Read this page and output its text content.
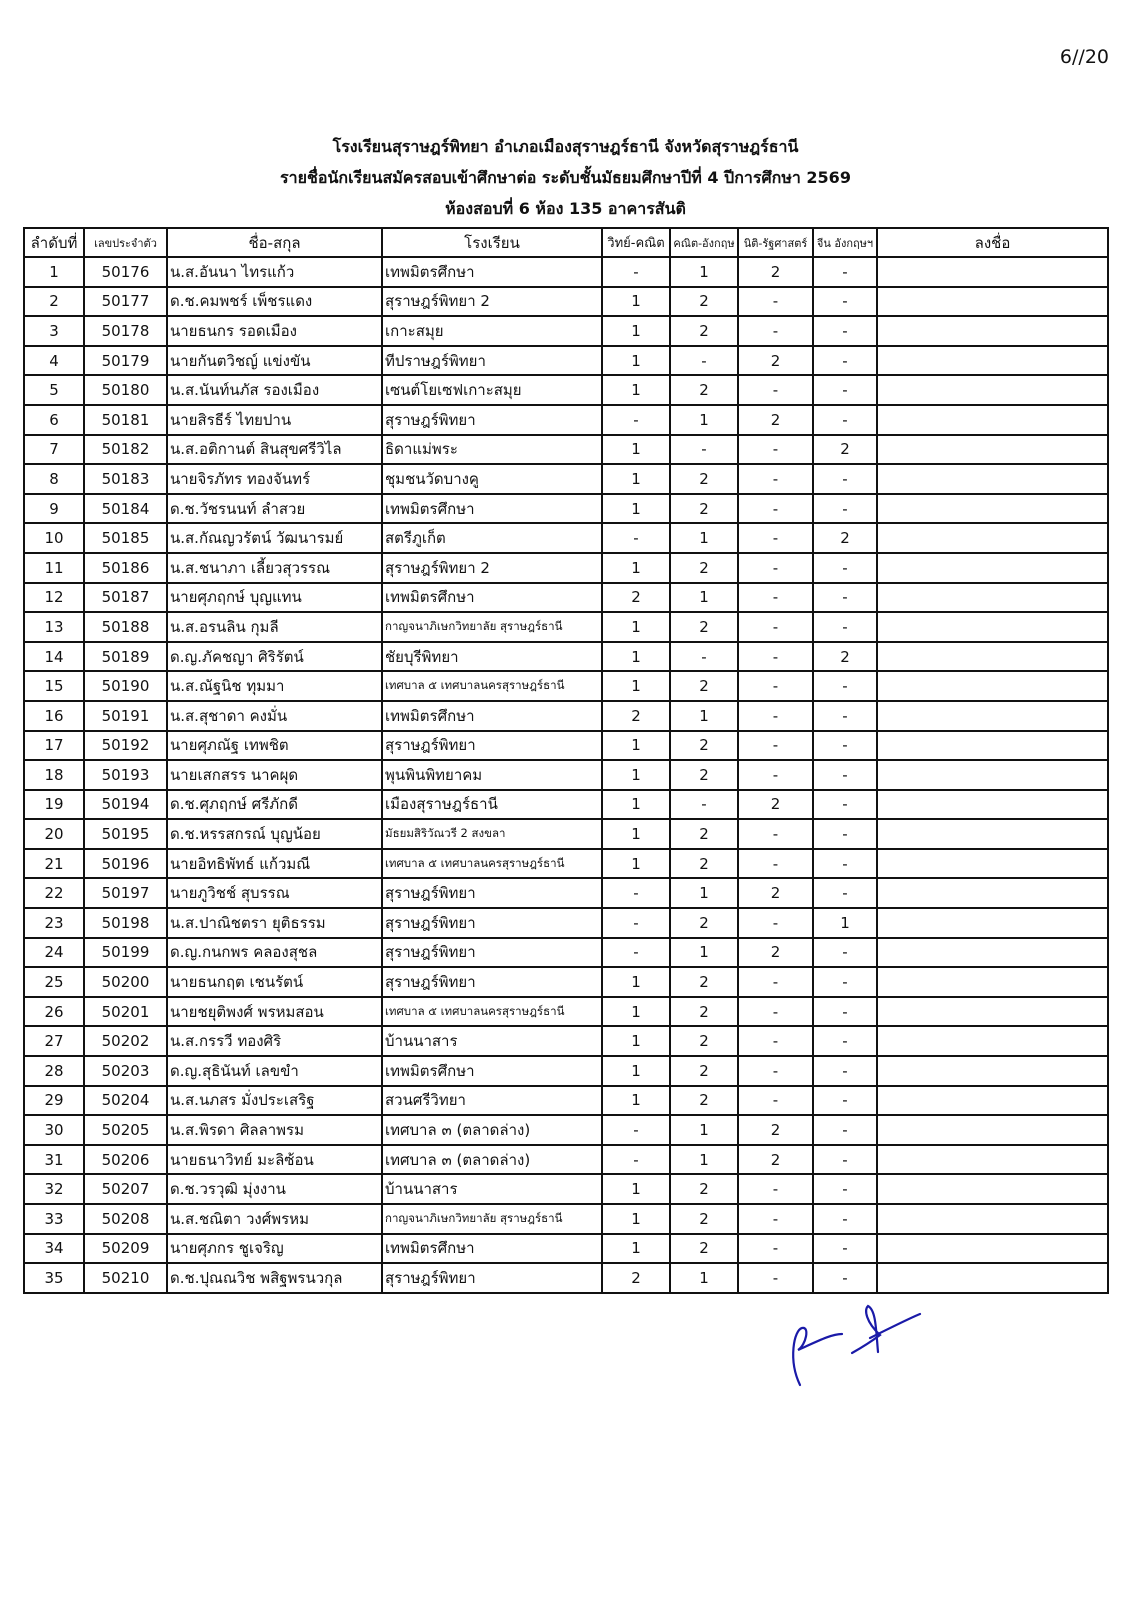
6//20
โรงเรียนสุราษฎร์พิทยา อำเภอเมืองสุราษฎร์ธานี จังหวัดสุราษฎร์ธานี
รายชื่อนักเรียนสมัครสอบเข้าศึกษาต่อ ระดับชั้นมัธยมศึกษาปีที่ 4 ปีการศึกษา 2569
ห้องสอบที่ 6 ห้อง 135 อาคารสันติ
ลำดับที่	เลขประจำตัว	ชื่อ-สกุล	โรงเรียน	วิทย์-คณิต	คณิต-อังกฤษ	นิติ-รัฐศาสตร์	จีน อังกฤษฯ	ลงชื่อ
1	50176	น.ส.อันนา ไทรแก้ว	เทพมิตรศึกษา	-	1	2	-	
2	50177	ด.ช.คมพชร์ เพ็ชรแดง	สุราษฎร์พิทยา 2	1	2	-	-	
3	50178	นายธนกร รอดเมือง	เกาะสมุย	1	2	-	-	
4	50179	นายกันตวิชญ์ แข่งขัน	ทีปราษฎร์พิทยา	1	-	2	-	
5	50180	น.ส.นันท์นภัส รองเมือง	เซนต์โยเซฟเกาะสมุย	1	2	-	-	
6	50181	นายสิรธีร์ ไทยปาน	สุราษฎร์พิทยา	-	1	2	-	
7	50182	น.ส.อติกานต์ สินสุขศรีวิไล	ธิดาแม่พระ	1	-	-	2	
8	50183	นายจิรภัทร ทองจันทร์	ชุมชนวัดบางคู	1	2	-	-	
9	50184	ด.ช.วัชรนนท์ ลำสวย	เทพมิตรศึกษา	1	2	-	-	
10	50185	น.ส.กัณญวรัตน์ วัฒนารมย์	สตรีภูเก็ต	-	1	-	2	
11	50186	น.ส.ชนาภา เลี้ยวสุวรรณ	สุราษฎร์พิทยา 2	1	2	-	-	
12	50187	นายศุภฤกษ์ บุญแทน	เทพมิตรศึกษา	2	1	-	-	
13	50188	น.ส.อรนลิน กุมลี	กาญจนาภิเษกวิทยาลัย สุราษฎร์ธานี	1	2	-	-	
14	50189	ด.ญ.ภัคชญา ศิริรัตน์	ชัยบุรีพิทยา	1	-	-	2	
15	50190	น.ส.ณัฐนิช ทุมมา	เทศบาล ๕ เทศบาลนครสุราษฎร์ธานี	1	2	-	-	
16	50191	น.ส.สุชาดา คงมั่น	เทพมิตรศึกษา	2	1	-	-	
17	50192	นายศุภณัฐ เทพชิต	สุราษฎร์พิทยา	1	2	-	-	
18	50193	นายเสกสรร นาคผุด	พุนพินพิทยาคม	1	2	-	-	
19	50194	ด.ช.ศุภฤกษ์ ศรีภักดี	เมืองสุราษฎร์ธานี	1	-	2	-	
20	50195	ด.ช.หรรสกรณ์ บุญน้อย	มัธยมสิริวัณวรี 2 สงขลา	1	2	-	-	
21	50196	นายอิทธิพัทธ์ แก้วมณี	เทศบาล ๕ เทศบาลนครสุราษฎร์ธานี	1	2	-	-	
22	50197	นายภูวิชช์ สุบรรณ	สุราษฎร์พิทยา	-	1	2	-	
23	50198	น.ส.ปาณิชตรา ยุติธรรม	สุราษฎร์พิทยา	-	2	-	1	
24	50199	ด.ญ.กนกพร คลองสุชล	สุราษฎร์พิทยา	-	1	2	-	
25	50200	นายธนกฤต เชนรัตน์	สุราษฎร์พิทยา	1	2	-	-	
26	50201	นายชยุติพงศ์ พรหมสอน	เทศบาล ๕ เทศบาลนครสุราษฎร์ธานี	1	2	-	-	
27	50202	น.ส.กรรวี ทองศิริ	บ้านนาสาร	1	2	-	-	
28	50203	ด.ญ.สุธินันท์ เลขขำ	เทพมิตรศึกษา	1	2	-	-	
29	50204	น.ส.นภสร มั่งประเสริฐ	สวนศรีวิทยา	1	2	-	-	
30	50205	น.ส.พิรดา ศิลลาพรม	เทศบาล ๓ (ตลาดล่าง)	-	1	2	-	
31	50206	นายธนาวิทย์ มะลิซ้อน	เทศบาล ๓ (ตลาดล่าง)	-	1	2	-	
32	50207	ด.ช.วรวุฒิ มุ่งงาน	บ้านนาสาร	1	2	-	-	
33	50208	น.ส.ชณิตา วงศ์พรหม	กาญจนาภิเษกวิทยาลัย สุราษฎร์ธานี	1	2	-	-	
34	50209	นายศุภกร ชูเจริญ	เทพมิตรศึกษา	1	2	-	-	
35	50210	ด.ช.ปุณณวิช พสิฐพรนวกุล	สุราษฎร์พิทยา	2	1	-	-	
